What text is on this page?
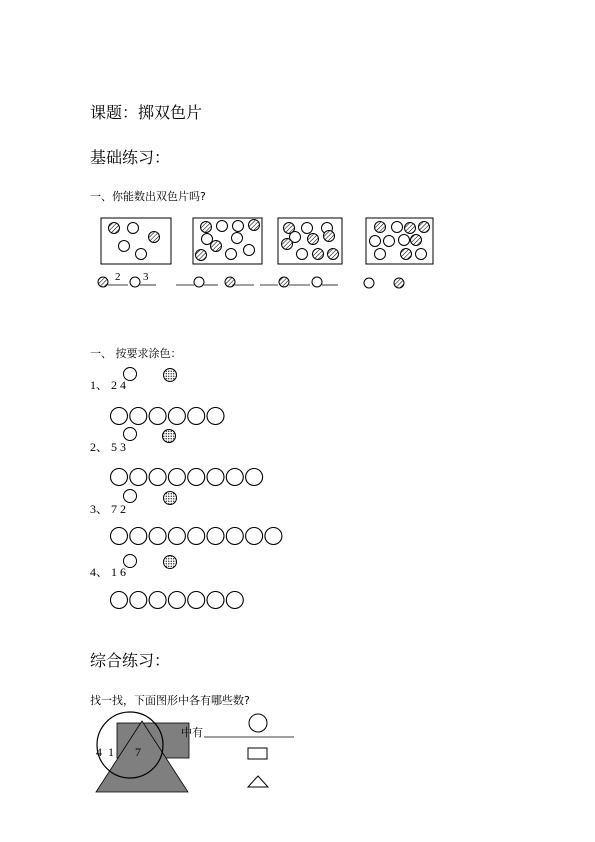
课题：掷双色片
基础练习：
一、你能数出双色片吗?
一、 按要求涂色：
1、 2 4
2、 5 3
3、 7 2
4、 1 6
综合练习：
找一找，下面图形中各有哪些数?
2 3
4 1 7
中有
